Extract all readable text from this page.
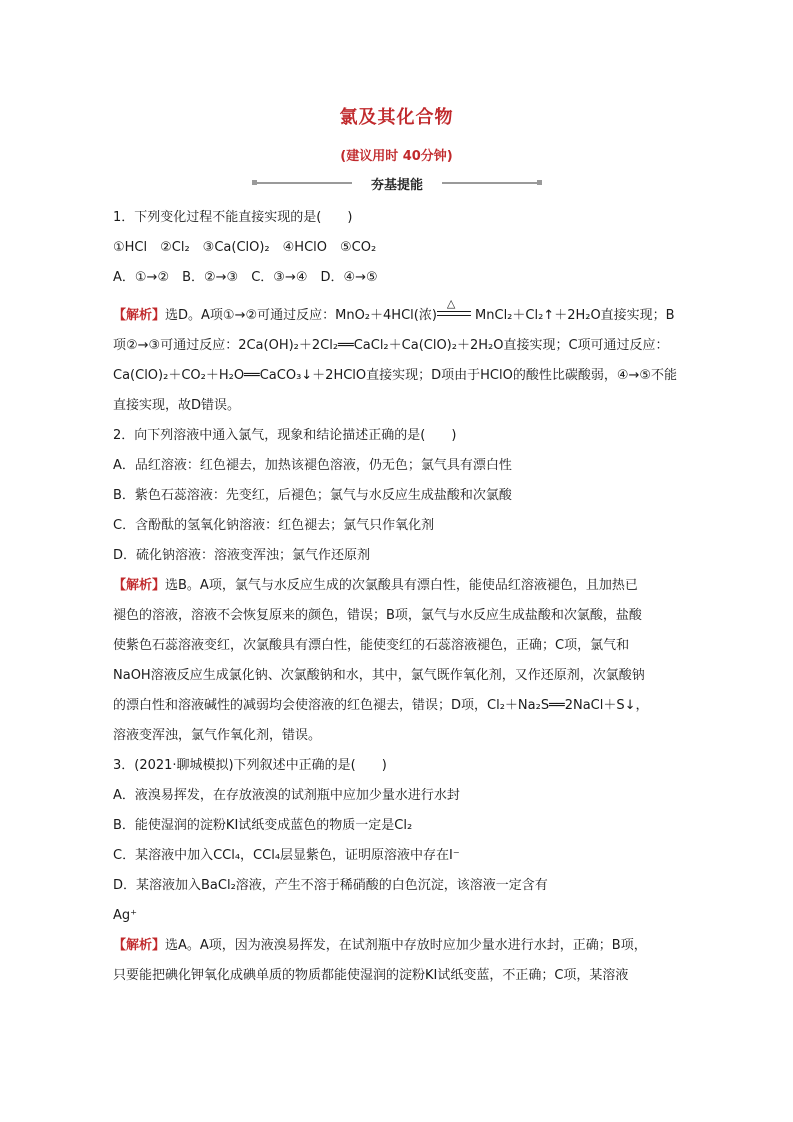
氯及其化合物
(建议用时 40分钟)
夯基提能
1．下列变化过程不能直接实现的是(　　)
①HCl　②Cl₂　③Ca(ClO)₂　④HClO　⑤CO₂
A．①→②　B．②→③　C．③→④　D．④→⑤
【解析】选D。A项①→②可通过反应：MnO₂＋4HCl(浓)
△
MnCl₂＋Cl₂↑＋2H₂O直接实现；B
项②→③可通过反应：2Ca(OH)₂＋2Cl₂══CaCl₂＋Ca(ClO)₂＋2H₂O直接实现；C项可通过反应：
Ca(ClO)₂＋CO₂＋H₂O══CaCO₃↓＋2HClO直接实现；D项由于HClO的酸性比碳酸弱，④→⑤不能
直接实现，故D错误。
2．向下列溶液中通入氯气，现象和结论描述正确的是(　　)
A．品红溶液：红色褪去，加热该褪色溶液，仍无色；氯气具有漂白性
B．紫色石蕊溶液：先变红，后褪色；氯气与水反应生成盐酸和次氯酸
C．含酚酞的氢氧化钠溶液：红色褪去；氯气只作氧化剂
D．硫化钠溶液：溶液变浑浊；氯气作还原剂
【解析】选B。A项，氯气与水反应生成的次氯酸具有漂白性，能使品红溶液褪色，且加热已
褪色的溶液，溶液不会恢复原来的颜色，错误；B项，氯气与水反应生成盐酸和次氯酸，盐酸
使紫色石蕊溶液变红，次氯酸具有漂白性，能使变红的石蕊溶液褪色，正确；C项，氯气和
NaOH溶液反应生成氯化钠、次氯酸钠和水，其中，氯气既作氧化剂，又作还原剂，次氯酸钠
的漂白性和溶液碱性的减弱均会使溶液的红色褪去，错误；D项，Cl₂＋Na₂S══2NaCl＋S↓，
溶液变浑浊，氯气作氧化剂，错误。
3．(2021·聊城模拟)下列叙述中正确的是(　　)
A．液溴易挥发，在存放液溴的试剂瓶中应加少量水进行水封
B．能使湿润的淀粉KI试纸变成蓝色的物质一定是Cl₂
C．某溶液中加入CCl₄，CCl₄层显紫色，证明原溶液中存在I⁻
D．某溶液加入BaCl₂溶液，产生不溶于稀硝酸的白色沉淀，该溶液一定含有
Ag⁺
【解析】选A。A项，因为液溴易挥发，在试剂瓶中存放时应加少量水进行水封，正确；B项，
只要能把碘化钾氧化成碘单质的物质都能使湿润的淀粉KI试纸变蓝，不正确；C项，某溶液
